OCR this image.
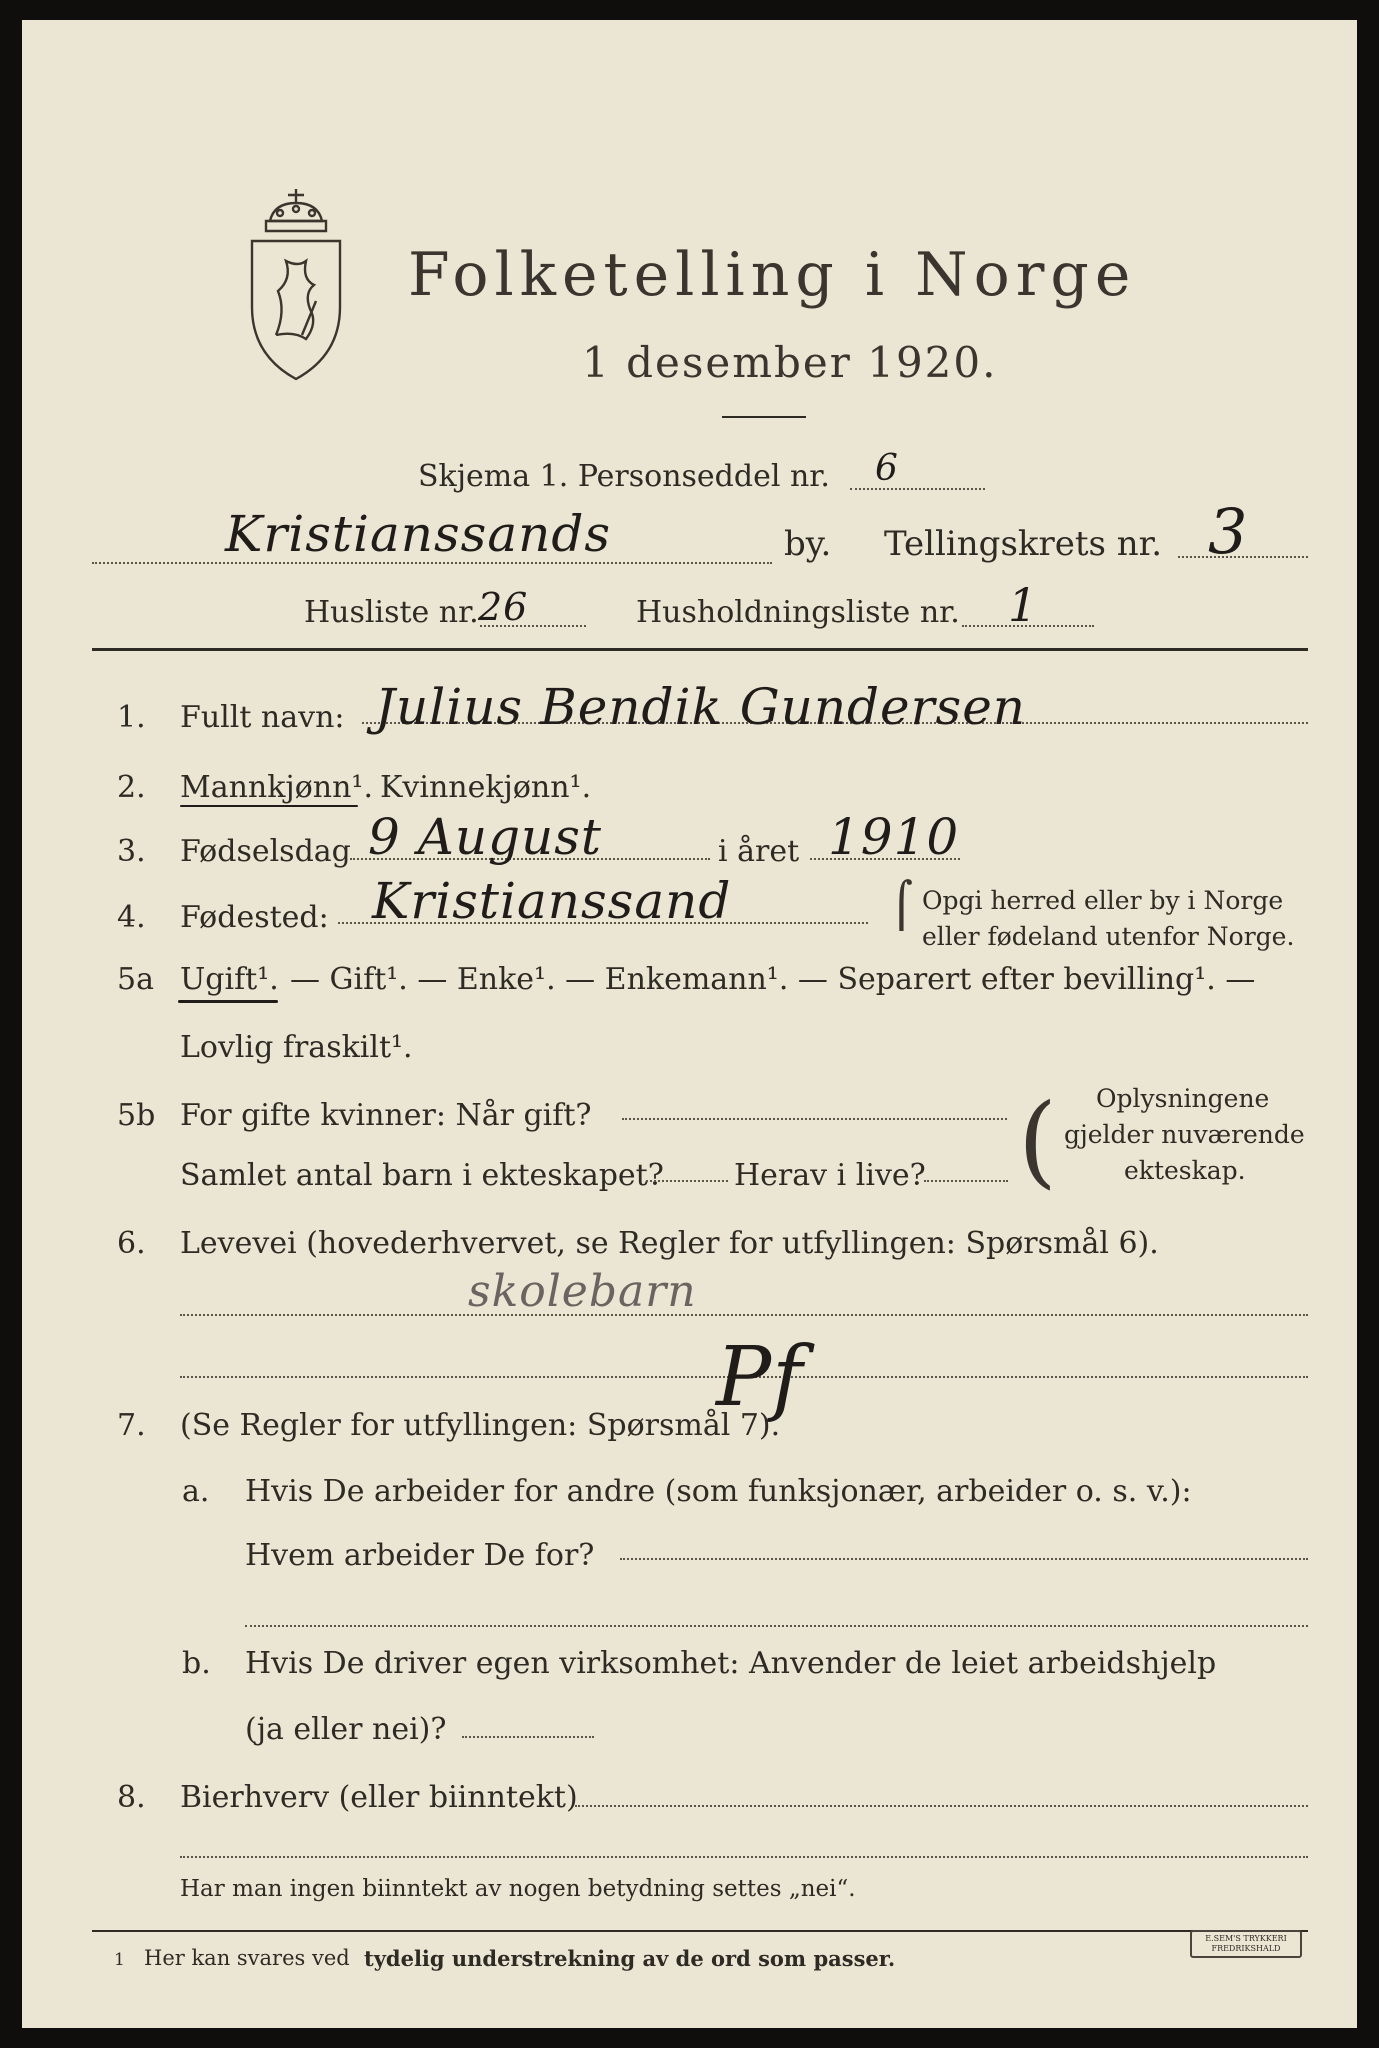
Folketelling i Norge
1 desember 1920.
Skjema 1. Personseddel nr. 6
Kristianssands	by. Tellingskrets nr. 3
Husliste nr. 26	Husholdningsliste nr. 1
1. Fullt navn: Julius Bendik Gundersen
2. Mannkjønn¹. Kvinnekjønn¹.
3. Fødselsdag 9 August	i året 1910
4. Fødested: Kristianssand	⌠ Opgi herred eller by i Norge
eller fødeland utenfor Norge.
5a Ugift¹. — Gift¹. — Enke¹. — Enkemann¹. — Separert efter bevilling¹. —
Lovlig fraskilt¹.
5b For gifte kvinner: Når gift?
Samlet antal barn i ekteskapet? Herav i live? ( Oplysningene
gjelder nuværende
ekteskap.
6. Levevei (hovederhvervet, se Regler for utfyllingen: Spørsmål 6).
skolebarn
Pf
7. (Se Regler for utfyllingen: Spørsmål 7).
a. Hvis De arbeider for andre (som funksjonær, arbeider o. s. v.):
Hvem arbeider De for?
b. Hvis De driver egen virksomhet: Anvender de leiet arbeidshjelp
(ja eller nei)?
8. Bierhverv (eller biinntekt)
Har man ingen biinntekt av nogen betydning settes „nei“.
1 Her kan svares ved tydelig understrekning av de ord som passer.
E.SEM'S TRYKKERI
FREDRIKSHALD
